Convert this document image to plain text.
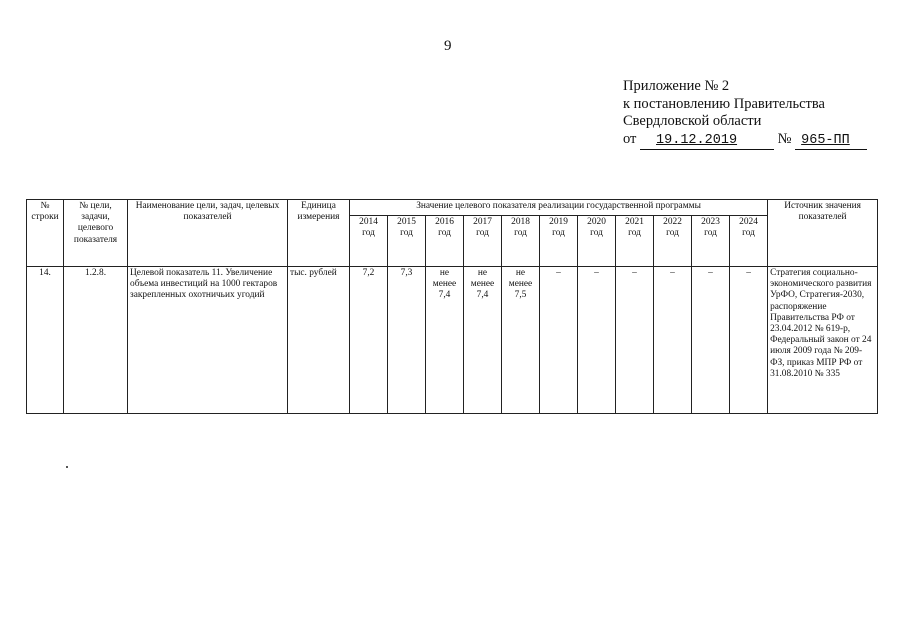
9
Приложение № 2
к постановлению Правительства
Свердловской области
от 19.12.2019	№ 965-ПП
№ строки	№ цели, задачи, целевого показателя	Наименование цели, задач, целевых показателей	Единица измерения	Значение целевого показателя реализации государственной программы											Источник значения показателей
				2014 год	2015 год	2016 год	2017 год	2018 год	2019 год	2020 год	2021 год	2022 год	2023 год	2024 год	
14.	1.2.8.	Целевой показатель 11. Увеличение объема инвестиций на 1000 гектаров закрепленных охотничьих угодий	тыс. рублей	7,2	7,3	не менее 7,4	не менее 7,4	не менее 7,5	–	–	–	–	–	–	Стратегия социально-экономического развития УрФО, Стратегия-2030, распоряжение Правительства РФ от 23.04.2012 № 619-р, Федеральный закон от 24 июля 2009 года № 209-ФЗ, приказ МПР РФ от 31.08.2010 № 335
